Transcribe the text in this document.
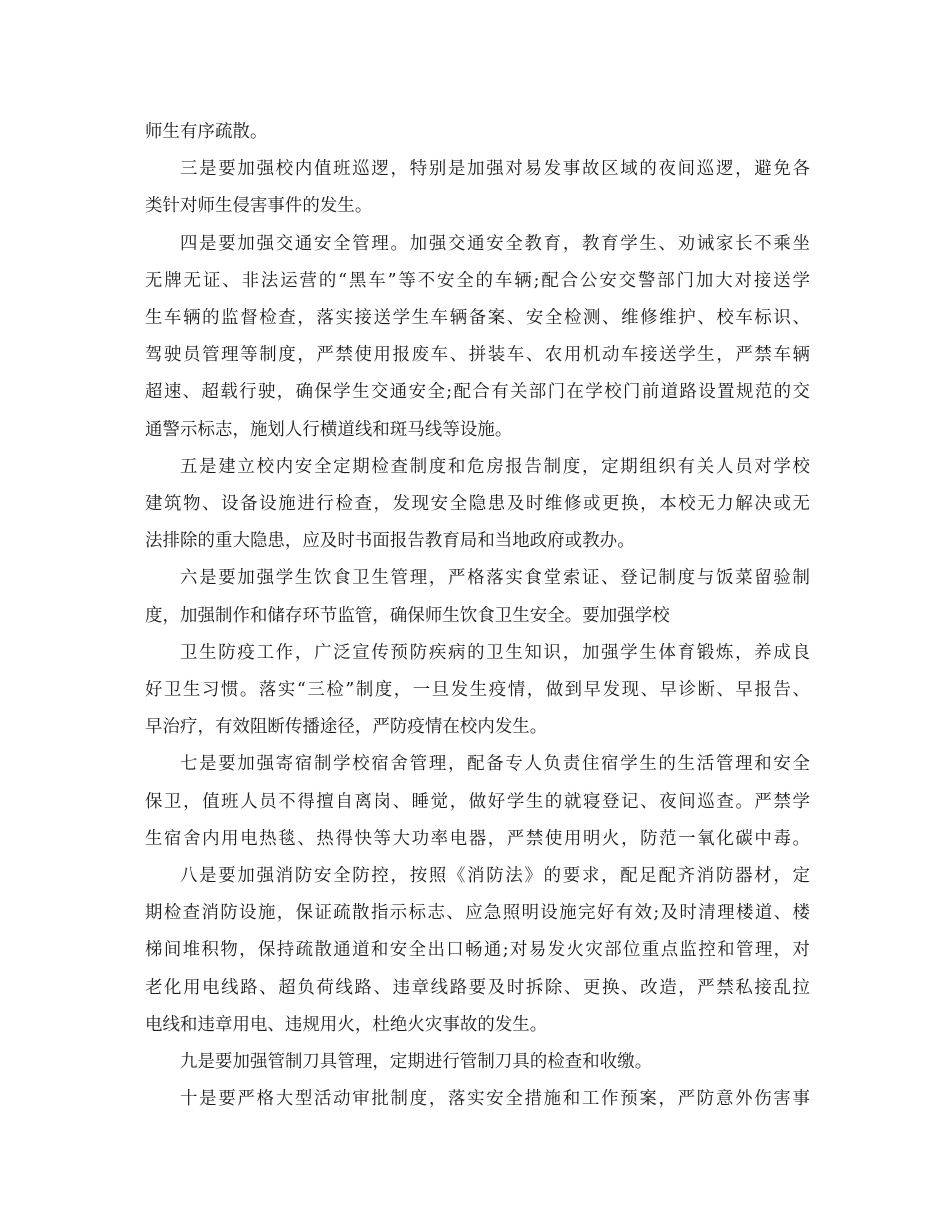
师生有序疏散。
三是要加强校内值班巡逻，特别是加强对易发事故区域的夜间巡逻，避免各
类针对师生侵害事件的发生。
四是要加强交通安全管理。加强交通安全教育，教育学生、劝诫家长不乘坐
无牌无证、非法运营的“黑车”等不安全的车辆;配合公安交警部门加大对接送学
生车辆的监督检查，落实接送学生车辆备案、安全检测、维修维护、校车标识、
驾驶员管理等制度，严禁使用报废车、拼装车、农用机动车接送学生，严禁车辆
超速、超载行驶，确保学生交通安全;配合有关部门在学校门前道路设置规范的交
通警示标志，施划人行横道线和斑马线等设施。
五是建立校内安全定期检查制度和危房报告制度，定期组织有关人员对学校
建筑物、设备设施进行检查，发现安全隐患及时维修或更换，本校无力解决或无
法排除的重大隐患，应及时书面报告教育局和当地政府或教办。
六是要加强学生饮食卫生管理，严格落实食堂索证、登记制度与饭菜留验制
度，加强制作和储存环节监管，确保师生饮食卫生安全。要加强学校
卫生防疫工作，广泛宣传预防疾病的卫生知识，加强学生体育锻炼，养成良
好卫生习惯。落实“三检”制度，一旦发生疫情，做到早发现、早诊断、早报告、
早治疗，有效阻断传播途径，严防疫情在校内发生。
七是要加强寄宿制学校宿舍管理，配备专人负责住宿学生的生活管理和安全
保卫，值班人员不得擅自离岗、睡觉，做好学生的就寝登记、夜间巡查。严禁学
生宿舍内用电热毯、热得快等大功率电器，严禁使用明火，防范一氧化碳中毒。
八是要加强消防安全防控，按照《消防法》的要求，配足配齐消防器材，定
期检查消防设施，保证疏散指示标志、应急照明设施完好有效;及时清理楼道、楼
梯间堆积物，保持疏散通道和安全出口畅通;对易发火灾部位重点监控和管理，对
老化用电线路、超负荷线路、违章线路要及时拆除、更换、改造，严禁私接乱拉
电线和违章用电、违规用火，杜绝火灾事故的发生。
九是要加强管制刀具管理，定期进行管制刀具的检查和收缴。
十是要严格大型活动审批制度，落实安全措施和工作预案，严防意外伤害事
